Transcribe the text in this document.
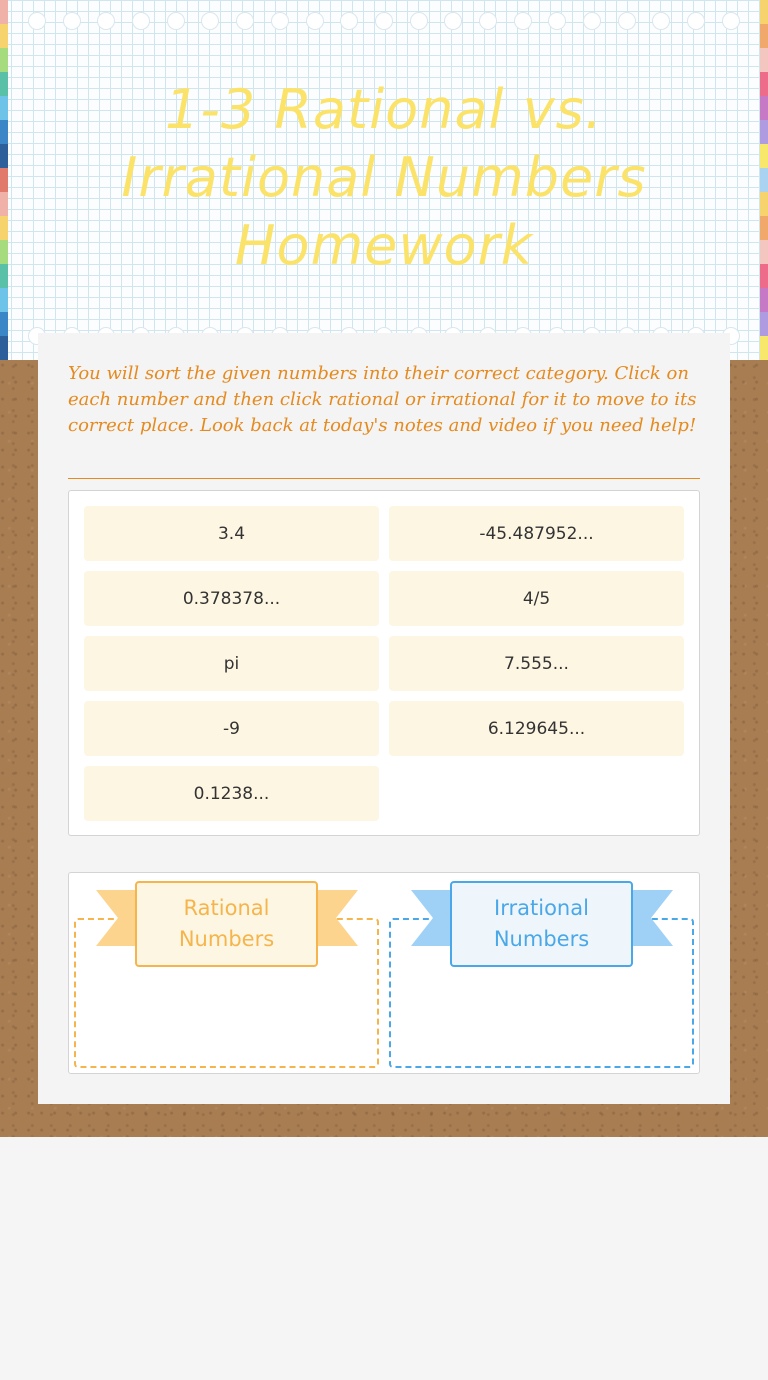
1-3 Rational vs. Irrational Numbers Homework

You will sort the given numbers into their correct category. Click on each number and then click rational or irrational for it to move to its correct place. Look back at today's notes and video if you need help!

3.4	-45.487952...
0.378378...	4/5
pi	7.555...
-9	6.129645...
0.1238...
Rational
Numbers
Irrational
Numbers
